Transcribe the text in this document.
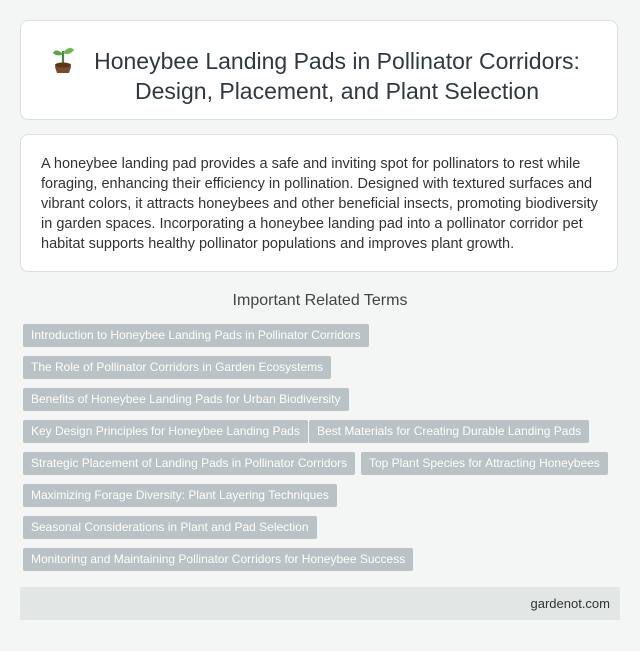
Honeybee Landing Pads in Pollinator Corridors: Design, Placement, and Plant Selection
A honeybee landing pad provides a safe and inviting spot for pollinators to rest while foraging, enhancing their efficiency in pollination. Designed with textured surfaces and vibrant colors, it attracts honeybees and other beneficial insects, promoting biodiversity in garden spaces. Incorporating a honeybee landing pad into a pollinator corridor pet habitat supports healthy pollinator populations and improves plant growth.
Important Related Terms
Introduction to Honeybee Landing Pads in Pollinator Corridors
The Role of Pollinator Corridors in Garden Ecosystems
Benefits of Honeybee Landing Pads for Urban Biodiversity
Key Design Principles for Honeybee Landing Pads	Best Materials for Creating Durable Landing Pads
Strategic Placement of Landing Pads in Pollinator Corridors	Top Plant Species for Attracting Honeybees
Maximizing Forage Diversity: Plant Layering Techniques
Seasonal Considerations in Plant and Pad Selection
Monitoring and Maintaining Pollinator Corridors for Honeybee Success
gardenot.com
